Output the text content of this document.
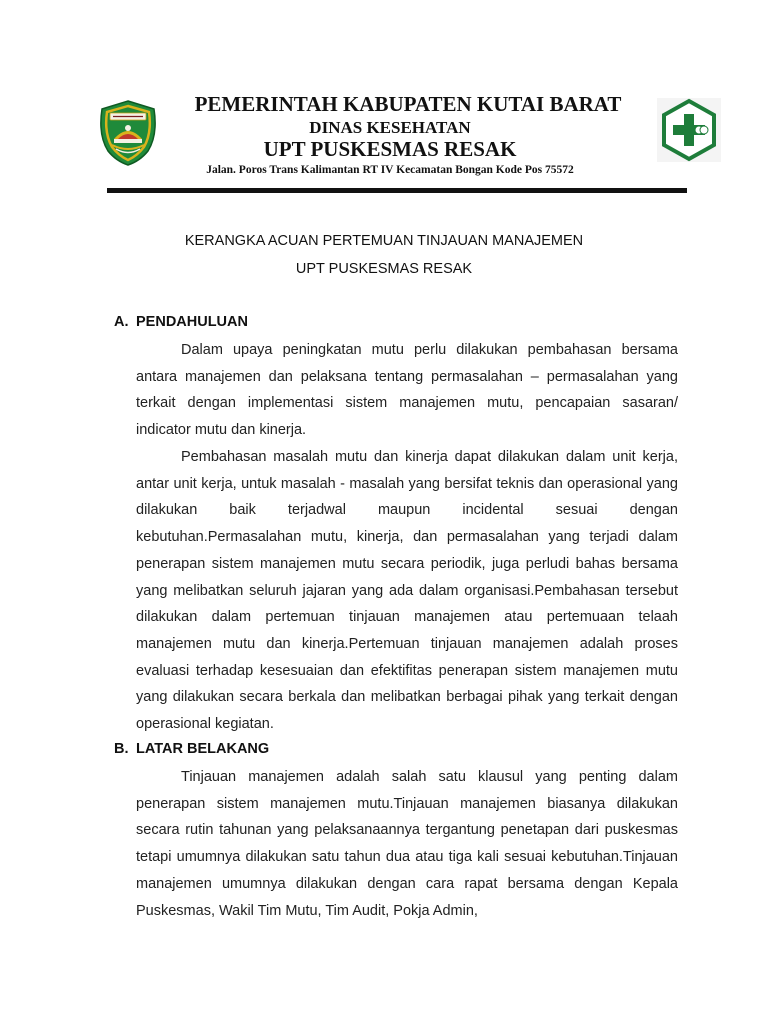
PEMERINTAH KABUPATEN KUTAI BARAT
DINAS KESEHATAN
UPT PUSKESMAS RESAK
Jalan. Poros Trans Kalimantan RT IV Kecamatan Bongan Kode Pos 75572
KERANGKA ACUAN PERTEMUAN TINJAUAN MANAJEMEN
UPT PUSKESMAS RESAK
A. PENDAHULUAN

Dalam upaya peningkatan mutu perlu dilakukan pembahasan bersama antara manajemen dan pelaksana tentang permasalahan – permasalahan yang terkait dengan implementasi sistem manajemen mutu, pencapaian sasaran/ indicator mutu dan kinerja.

Pembahasan masalah mutu dan kinerja dapat dilakukan dalam unit kerja, antar unit kerja, untuk masalah - masalah yang bersifat teknis dan operasional yang dilakukan baik terjadwal maupun incidental sesuai dengan kebutuhan.Permasalahan mutu, kinerja, dan permasalahan yang terjadi dalam penerapan sistem manajemen mutu secara periodik, juga perludi bahas bersama yang melibatkan seluruh jajaran yang ada dalam organisasi.Pembahasan tersebut dilakukan dalam pertemuan tinjauan manajemen atau pertemuaan telaah manajemen mutu dan kinerja.Pertemuan tinjauan manajemen adalah proses evaluasi terhadap kesesuaian dan efektifitas penerapan sistem manajemen mutu yang dilakukan secara berkala dan melibatkan berbagai pihak yang terkait dengan operasional kegiatan.

B. LATAR BELAKANG

Tinjauan manajemen adalah salah satu klausul yang penting dalam penerapan sistem manajemen mutu.Tinjauan manajemen biasanya dilakukan secara rutin tahunan yang pelaksanaannya tergantung penetapan dari puskesmas tetapi umumnya dilakukan satu tahun dua atau tiga kali sesuai kebutuhan.Tinjauan manajemen umumnya dilakukan dengan cara rapat bersama dengan Kepala Puskesmas, Wakil Tim Mutu, Tim Audit, Pokja Admin,
